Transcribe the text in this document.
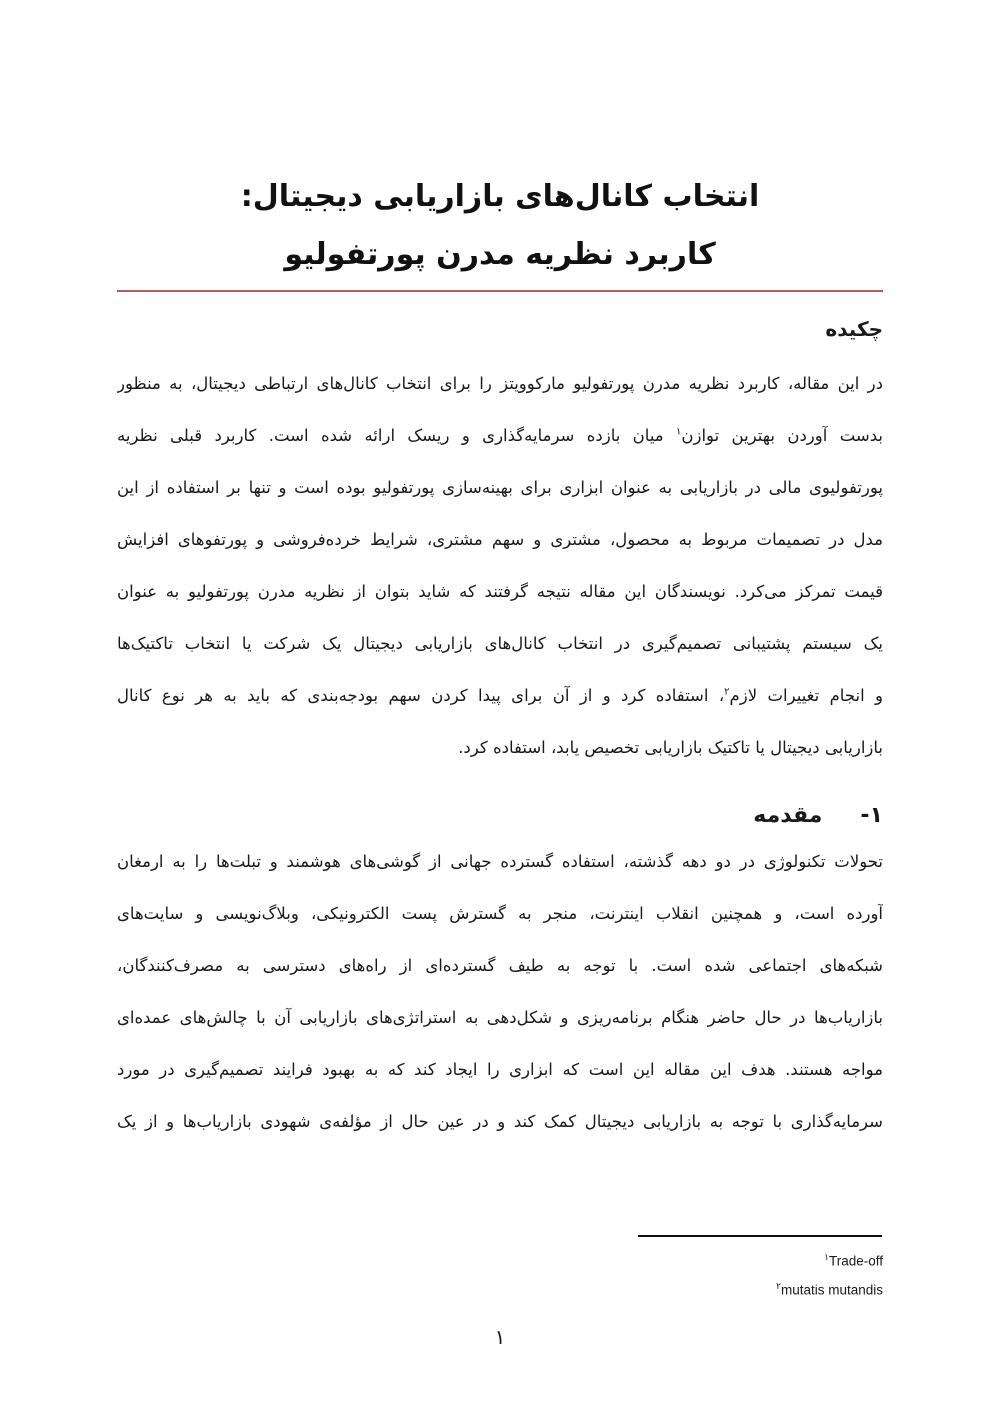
انتخاب کانال‌های بازاریابی دیجیتال:
کاربرد نظریه مدرن پورتفولیو
چکیده
در این مقاله، کاربرد نظریه مدرن پورتفولیو مارکوویتز را برای انتخاب کانال‌های ارتباطی دیجیتال، به منظور
بدست آوردن بهترین توازن$^۱$ میان بازده سرمایه‌گذاری و ریسک ارائه شده است. کاربرد قبلی نظریه
پورتفولیوی مالی در بازاریابی به عنوان ابزاری برای بهینه‌سازی پورتفولیو بوده است و تنها بر استفاده از این
مدل در تصمیمات مربوط به محصول، مشتری و سهم مشتری، شرایط خرده‌فروشی و پورتفوهای افزایش
قیمت تمرکز می‌کرد. نویسندگان این مقاله نتیجه گرفتند که شاید بتوان از نظریه مدرن پورتفولیو به عنوان
یک سیستم پشتیبانی تصمیم‌گیری در انتخاب کانال‌های بازاریابی دیجیتال یک شرکت یا انتخاب تاکتیک‌ها
و انجام تغییرات لازم$^۲$، استفاده کرد و از آن برای پیدا کردن سهم بودجه‌بندی که باید به هر نوع کانال
بازاریابی دیجیتال یا تاکتیک بازاریابی تخصیص یابد، استفاده کرد.
۱-
مقدمه
تحولات تکنولوژی در دو دهه گذشته، استفاده گسترده جهانی از گوشی‌های هوشمند و تبلت‌ها را به ارمغان
آورده است، و همچنین انقلاب اینترنت، منجر به گسترش پست الکترونیکی، وبلاگ‌نویسی و سایت‌های
شبکه‌های اجتماعی شده است. با توجه به طیف گسترده‌ای از راه‌های دسترسی به مصرف‌کنندگان،
بازاریاب‌ها در حال حاضر هنگام برنامه‌ریزی و شکل‌دهی به استراتژی‌های بازاریابی آن با چالش‌های عمده‌ای
مواجه هستند. هدف این مقاله این است که ابزاری را ایجاد کند که به بهبود فرایند تصمیم‌گیری در مورد
سرمایه‌گذاری با توجه به بازاریابی دیجیتال کمک کند و در عین حال از مؤلفه‌ی شهودی بازاریاب‌ها و از یک
$^۱$Trade-off
$^۲$mutatis mutandis
۱
